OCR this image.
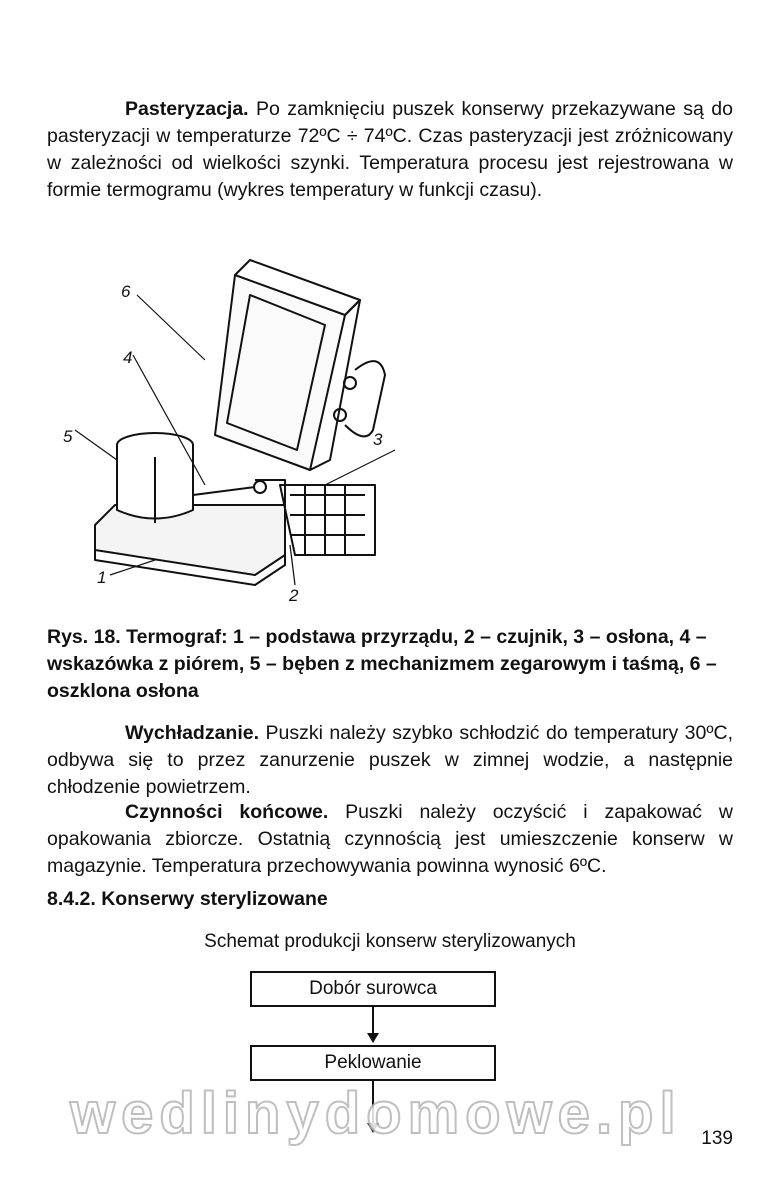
Pasteryzacja. Po zamknięciu puszek konserwy przekazywane są do pasteryzacji w temperaturze 72ºC ÷ 74ºC. Czas pasteryzacji jest zróżnicowany w zależności od wielkości szynki. Temperatura procesu jest rejestrowana w formie termogramu (wykres temperatury w funkcji czasu).

6
4
5	3
1
2

Rys. 18. Termograf: 1 – podstawa przyrządu, 2 – czujnik, 3 – osłona, 4 – wskazówka z piórem, 5 – bęben z mechanizmem zegarowym i taśmą, 6 – oszklona osłona

Wychładzanie. Puszki należy szybko schłodzić do temperatury 30ºC, odbywa się to przez zanurzenie puszek w zimnej wodzie, a następnie chłodzenie powietrzem.

Czynności końcowe. Puszki należy oczyścić i zapakować w opakowania zbiorcze. Ostatnią czynnością jest umieszczenie konserw w magazynie. Temperatura przechowywania powinna wynosić 6ºC.

8.4.2. Konserwy sterylizowane

Schemat produkcji konserw sterylizowanych

Dobór surowca
Peklowanie
wedlinydomowe.pl 139
